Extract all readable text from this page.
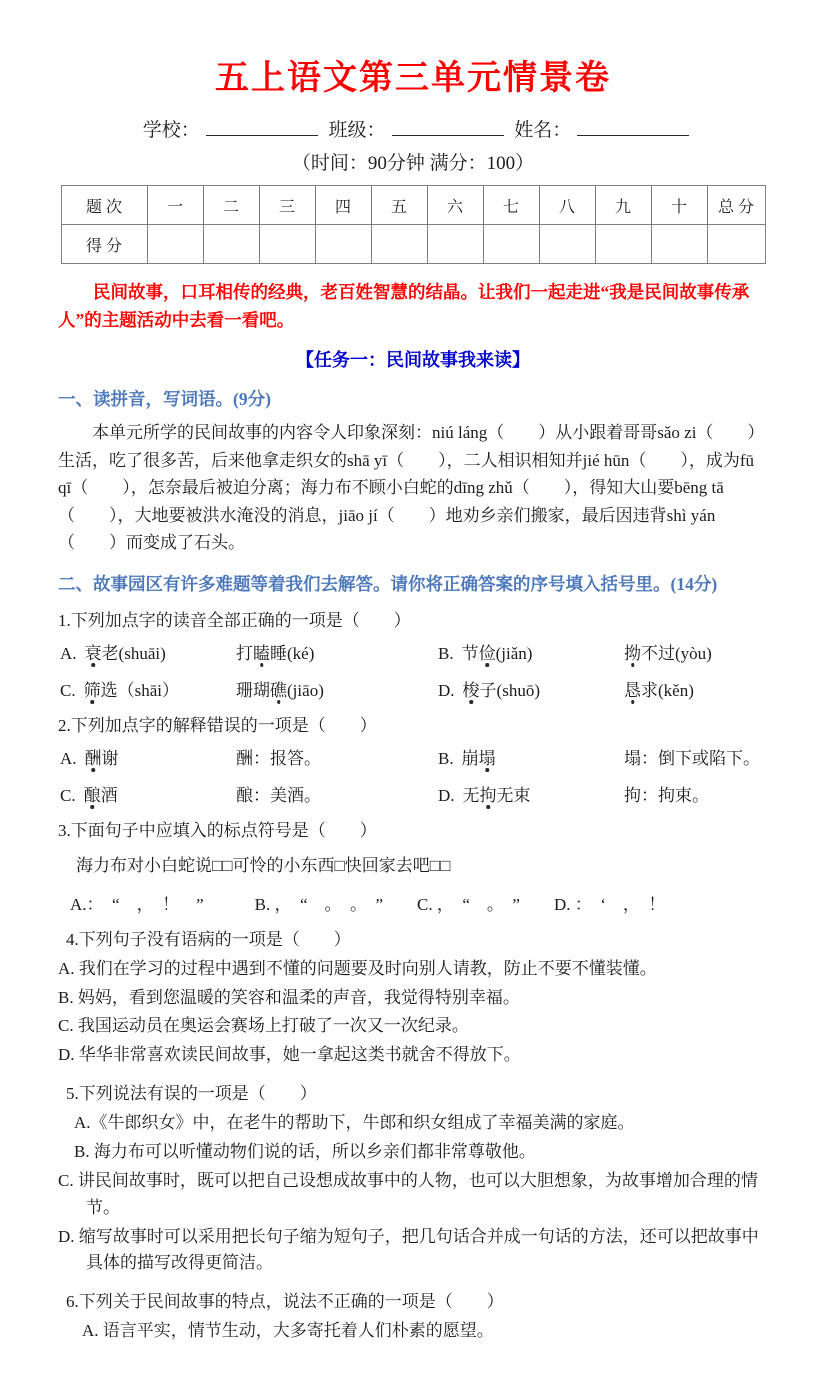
五上语文第三单元情景卷
学校：	班级：	姓名：
（时间：90分钟 满分：100）
题 次	一	二	三	四	五	六	七	八	九	十	总 分
得 分											
民间故事，口耳相传的经典，老百姓智慧的结晶。让我们一起走进“我是民间故事传承人”的主题活动中去看一看吧。
【任务一：民间故事我来读】
一、读拼音，写词语。(9分)
本单元所学的民间故事的内容令人印象深刻：niú láng（　　）从小跟着哥哥sǎo zi（　　）生活，吃了很多苦，后来他拿走织女的shā yī（　　），二人相识相知并jié hūn（　　），成为fū qī（　　），怎奈最后被迫分离；海力布不顾小白蛇的dīng zhǔ（　　），得知大山要bēng tā（　　），大地要被洪水淹没的消息，jiāo jí（　　）地劝乡亲们搬家，最后因违背shì yán（　　）而变成了石头。
二、故事园区有许多难题等着我们去解答。请你将正确答案的序号填入括号里。(14分)
1.下列加点字的读音全部正确的一项是（　　）
A. 衰老(shuāi)	打瞌睡(ké)	B. 节俭(jiǎn)	拗不过(yòu)
C. 筛选（shāi）	珊瑚礁(jiāo)	D. 梭子(shuō)	恳求(kěn)
2.下列加点字的解释错误的一项是（　　）
A. 酬谢	酬：报答。	B. 崩塌	塌：倒下或陷下。
C. 酿酒	酿：美酒。	D. 无拘无束	拘：拘束。
3.下面句子中应填入的标点符号是（　　）
海力布对小白蛇说□□可怜的小东西□快回家去吧□□
A.：　“　，　！　”　　　B. ，　“　。　。　”　　C. ，　“　。　”　　D. ：　‘　，　！
4.下列句子没有语病的一项是（　　）
A. 我们在学习的过程中遇到不懂的问题要及时向别人请教，防止不要不懂装懂。
B. 妈妈，看到您温暖的笑容和温柔的声音，我觉得特别幸福。
C. 我国运动员在奥运会赛场上打破了一次又一次纪录。
D. 华华非常喜欢读民间故事，她一拿起这类书就舍不得放下。
5.下列说法有误的一项是（　　）
A.《牛郎织女》中，在老牛的帮助下，牛郎和织女组成了幸福美满的家庭。
B. 海力布可以听懂动物们说的话，所以乡亲们都非常尊敬他。
C. 讲民间故事时，既可以把自己设想成故事中的人物，也可以大胆想象，为故事增加合理的情节。
D. 缩写故事时可以采用把长句子缩为短句子，把几句话合并成一句话的方法，还可以把故事中具体的描写改得更简洁。
6.下列关于民间故事的特点，说法不正确的一项是（　　）
A. 语言平实，情节生动，大多寄托着人们朴素的愿望。
